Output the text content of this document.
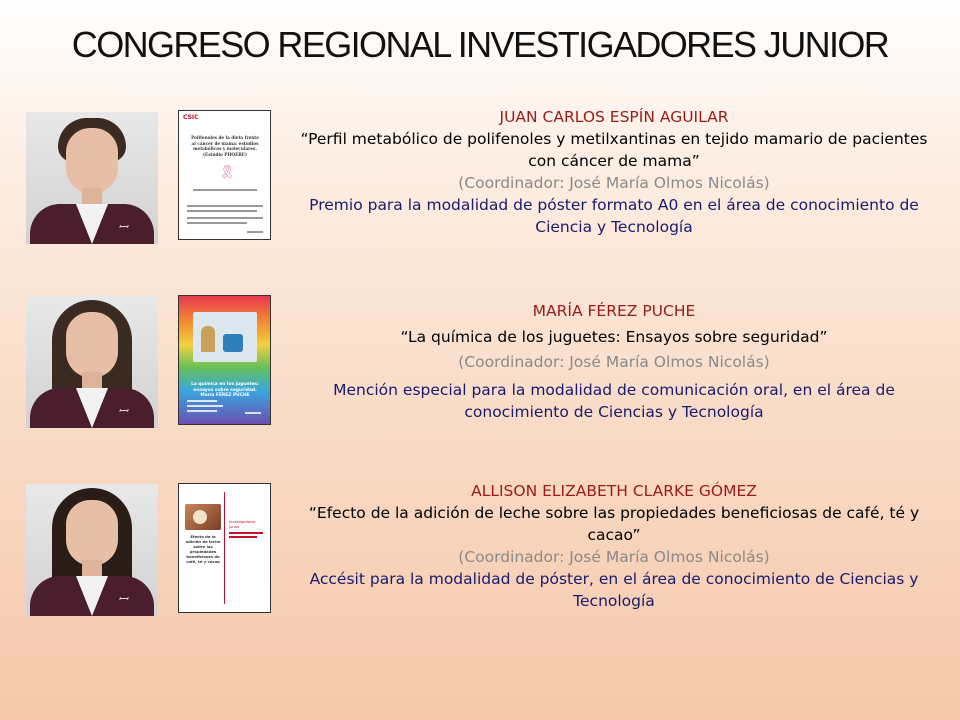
CONGRESO REGIONAL INVESTIGADORES JUNIOR
ꟷ
CSIC
Polifenoles de la dieta frente al cáncer de mama: estudios metabólicos y moleculares. (Estudio PHOEBE)
🎗
JUAN CARLOS ESPÍN AGUILAR
“Perfil metabólico de polifenoles y metilxantinas en tejido mamario de pacientes con cáncer de mama”
(Coordinador: José María Olmos Nicolás)
Premio para la modalidad de póster formato A0 en el área de conocimiento de Ciencia y Tecnología
ꟷ
La química en los juguetes: ensayos sobre seguridad. María FÉREZ PUCHE
MARÍA FÉREZ PUCHE
“La química de los juguetes: Ensayos sobre seguridad”
(Coordinador: José María Olmos Nicolás)
Mención especial para la modalidad de comunicación oral, en el área de conocimiento de Ciencias y Tecnología
ꟷ
Efecto de la adición de leche sobre las propiedades beneficiosas de café, té y cacao
Investigadores Junior
ALLISON ELIZABETH CLARKE GÓMEZ
“Efecto de la adición de leche sobre las propiedades beneficiosas de café, té y cacao”
(Coordinador: José María Olmos Nicolás)
Accésit para la modalidad de póster, en el área de conocimiento de Ciencias y Tecnología
